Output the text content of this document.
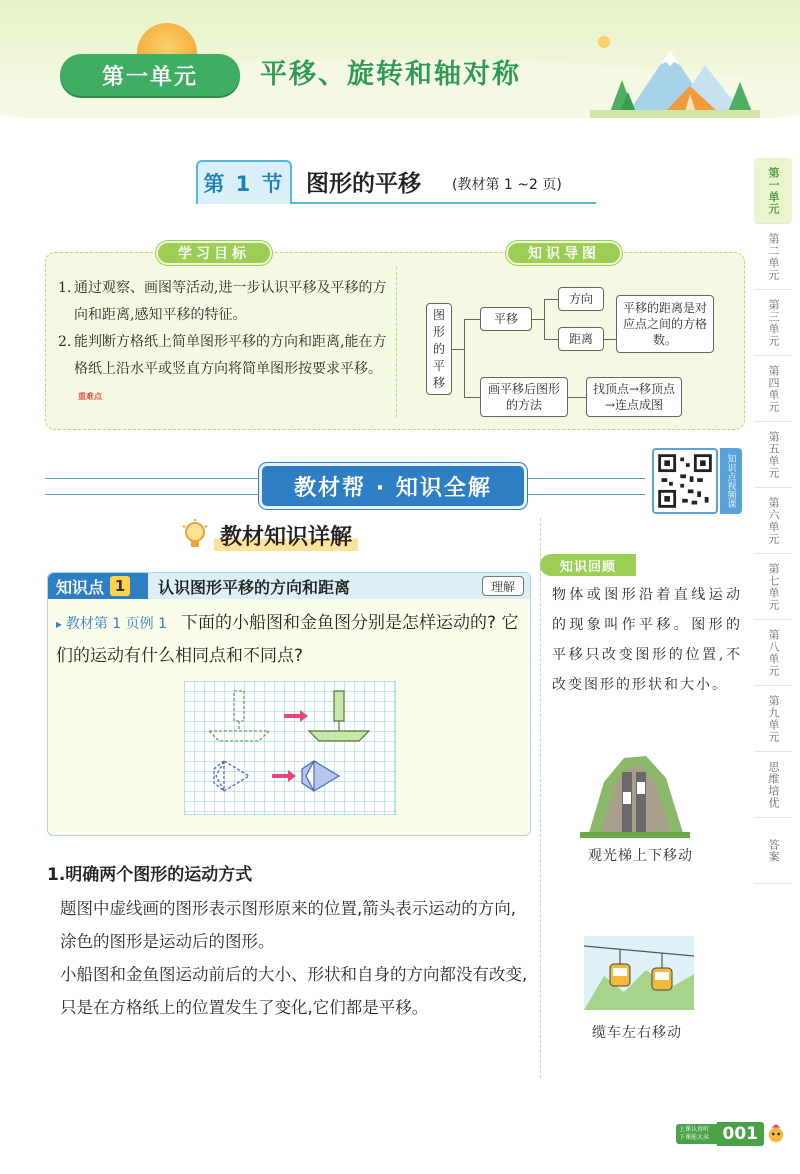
第一单元	平移、旋转和轴对称
第 1 节 图形的平移 (教材第 1 ~2 页)	第一单元
第二单元
第三单元
第四单元
第五单元
第六单元
第七单元
第八单元
第九单元
思维培优
答案
学习目标	知识导图
1. 通过观察、画图等活动,进一步认识平移及平移的方向和距离,感知平移的特征。
2. 能判断方格纸上简单图形平移的方向和距离,能在方格纸上沿水平或竖直方向将简单图形按要求平移。重难点
图形的平移
平移
方向
距离
平移的距离是对应点之间的方格数。
画平移后图形的方法
找顶点→移顶点→连点成图
教材帮 · 知识全解	知识点视频课
教材知识详解
知识点 1 认识图形平移的方向和距离	理解
▸ 教材第 1 页例 1 下面的小船图和金鱼图分别是怎样运动的? 它们的运动有什么相同点和不同点?
1.明确两个图形的运动方式

题图中虚线画的图形表示图形原来的位置,箭头表示运动的方向,涂色的图形是运动后的图形。

小船图和金鱼图运动前后的大小、形状和自身的方向都没有改变,只是在方格纸上的位置发生了变化,它们都是平移。

知识回顾
物体或图形沿着直线运动的现象叫作平移。图形的平移只改变图形的位置,不改变图形的形状和大小。
观光梯上下移动
缆车左右移动
上课认真听 下课能大卖 001
